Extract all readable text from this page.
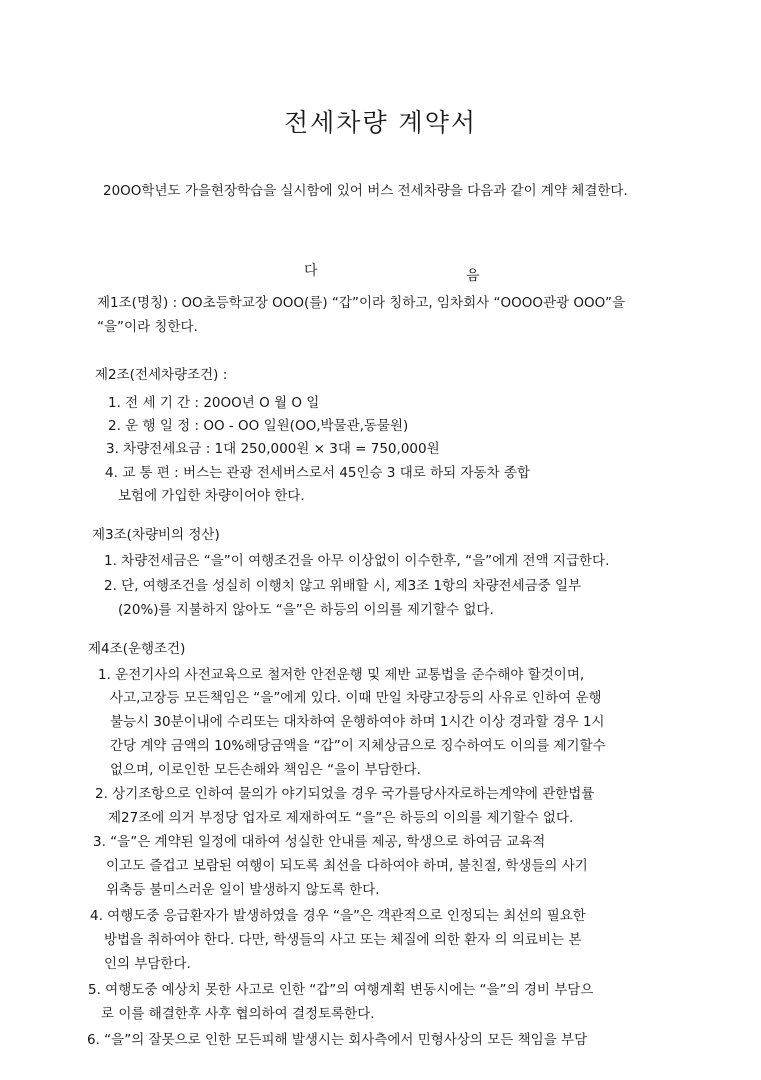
전세차량 계약서
20OO학년도 가을현장학습을 실시함에 있어 버스 전세차량을 다음과 같이 계약 체결한다.
다	음
제1조(명칭) : OO초등학교장 OOO(를) “갑”이라 칭하고, 임차회사 “OOOO관광 OOO”을
“을”이라 칭한다.
제2조(전세차량조건) :
1. 전 세 기 간 : 20OO년 O 월 O 일
2. 운 행 일 정 : OO - OO 일원(OO,박물관,동물원)
3. 차량전세요금 : 1대 250,000원 × 3대 = 750,000원
4. 교 통 편 : 버스는 관광 전세버스로서 45인승 3 대로 하되 자동차 종합
보험에 가입한 차량이어야 한다.
제3조(차량비의 정산)
1. 차량전세금은 “을”이 여행조건을 아무 이상없이 이수한후, “을”에게 전액 지급한다.
2. 단, 여행조건을 성실히 이행치 않고 위배할 시, 제3조 1항의 차량전세금중 일부
(20%)를 지불하지 않아도 “을”은 하등의 이의를 제기할수 없다.
제4조(운행조건)
1. 운전기사의 사전교육으로 철저한 안전운행 및 제반 교통법을 준수해야 할것이며,
사고,고장등 모든책임은 “을”에게 있다. 이때 만일 차량고장등의 사유로 인하여 운행
불능시 30분이내에 수리또는 대차하여 운행하여야 하며 1시간 이상 경과할 경우 1시
간당 계약 금액의 10%해당금액을 “갑”이 지체상금으로 징수하여도 이의를 제기할수
없으며, 이로인한 모든손해와 책임은 “을이 부담한다.
2. 상기조항으로 인하여 물의가 야기되었을 경우 국가를당사자로하는계약에 관한법률
제27조에 의거 부정당 업자로 제재하여도 “을”은 하등의 이의를 제기할수 없다.
3. “을”은 계약된 일정에 대하여 성실한 안내를 제공, 학생으로 하여금 교육적
이고도 즐겁고 보람된 여행이 되도록 최선을 다하여야 하며, 불친절, 학생들의 사기
위축등 불미스러운 일이 발생하지 않도록 한다.
4. 여행도중 응급환자가 발생하였을 경우 “을”은 객관적으로 인정되는 최선의 필요한
방법을 취하여야 한다. 다만, 학생들의 사고 또는 체질에 의한 환자 의 의료비는 본
인의 부담한다.
5. 여행도중 예상치 못한 사고로 인한 “갑”의 여행계획 변동시에는 “을”의 경비 부담으
로 이를 해결한후 사후 협의하여 결정토록한다.
6. “을”의 잘못으로 인한 모든피해 발생시는 회사측에서 민형사상의 모든 책임을 부담
